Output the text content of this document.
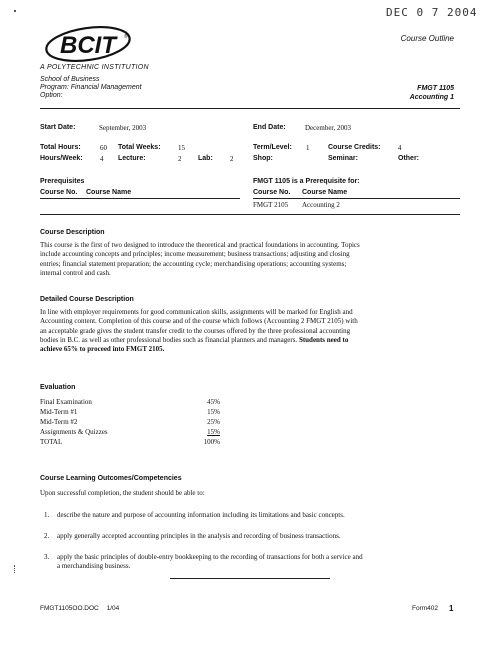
DEC 0 7 2004
BCIT	®
A POLYTECHNIC INSTITUTION
School of Business
Program: Financial Management
Option:
Course Outline
FMGT 1105
Accounting 1
Start Date:	September, 2003	End Date:	December, 2003
Total Hours:	60 Total Weeks: 15	Term/Level: 1	Course Credits: 4
Hours/Week: 4 Lecture:	2 Lab: 2	Shop:	Seminar:	Other:
Prerequisites
Course No. Course Name
FMGT 1105 is a Prerequisite for:
Course No. Course Name
FMGT 2105 Accounting 2
Course Description
This course is the first of two designed to introduce the theoretical and practical foundations in accounting. Topics
include accounting concepts and principles; income measurement; business transactions; adjusting and closing
entries; financial statement preparation; the accounting cycle; merchandising operations; accounting systems;
internal control and cash.
Detailed Course Description
In line with employer requirements for good communication skills, assignments will be marked for English and
Accounting content. Completion of this course and of the course which follows (Accounting 2 FMGT 2105) with
an acceptable grade gives the student transfer credit to the courses offered by the three professional accounting
bodies in B.C. as well as other professional bodies such as financial planners and managers. Students need to
achieve 65% to proceed into FMGT 2105.
Evaluation
Final Examination	45%
Mid-Term #1	15%
Mid-Term #2	25%
Assignments & Quizzes	15%
TOTAL	100%
Course Learning Outcomes/Competencies
Upon successful completion, the student should be able to:
1. describe the nature and purpose of accounting information including its limitations and basic concepts.
2. apply generally accepted accounting principles in the analysis and recording of business transactions.
3. apply the basic principles of double-entry bookkeeping to the recording of transactions for both a service and
a merchandising business.
FMGT1105OO.DOC 1/04	Form402 1
